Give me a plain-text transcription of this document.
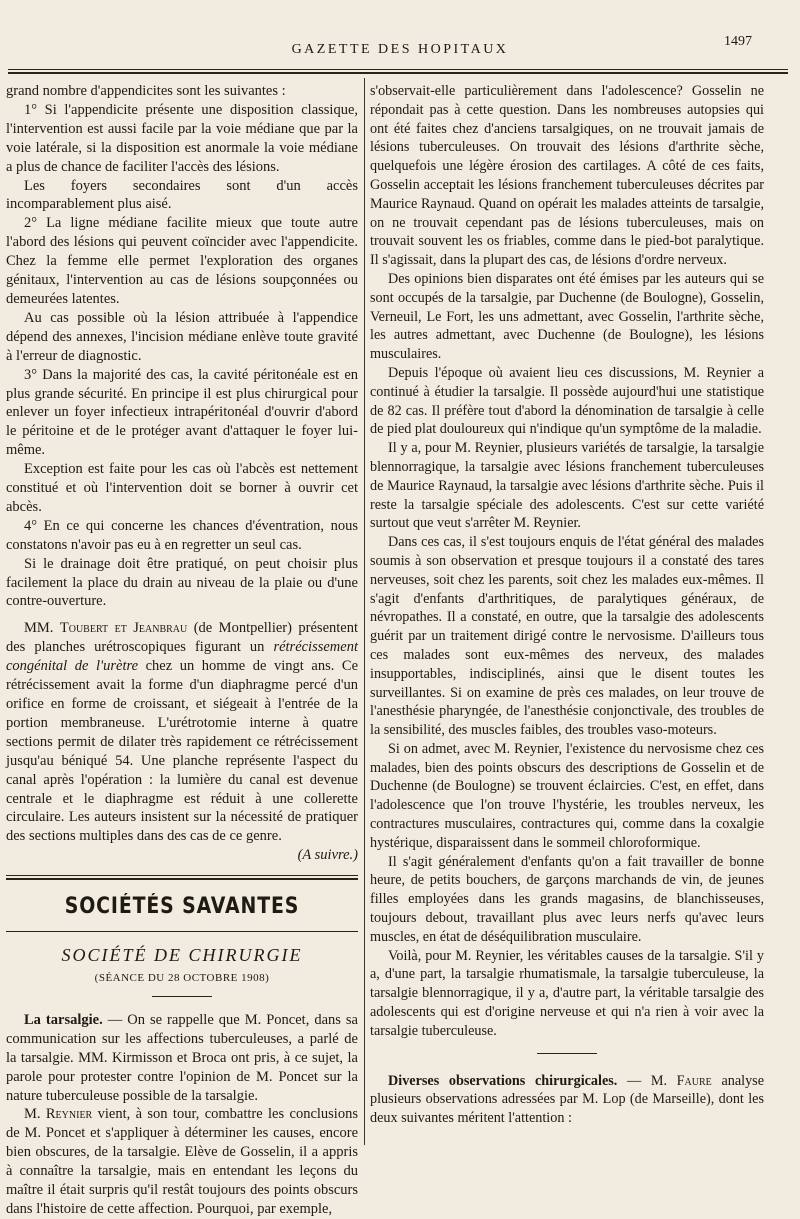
GAZETTE DES HOPITAUX
1497

grand nombre d'appendicites sont les suivantes :

1° Si l'appendicite présente une disposition classique, l'intervention est aussi facile par la voie médiane que par la voie latérale, si la disposition est anormale la voie médiane a plus de chance de faciliter l'accès des lésions.

Les foyers secondaires sont d'un accès incomparablement plus aisé.

2° La ligne médiane facilite mieux que toute autre l'abord des lésions qui peuvent coïncider avec l'appendicite. Chez la femme elle permet l'exploration des organes génitaux, l'intervention au cas de lésions soupçonnées ou demeurées latentes.

Au cas possible où la lésion attribuée à l'appendice dépend des annexes, l'incision médiane enlève toute gravité à l'erreur de diagnostic.

3° Dans la majorité des cas, la cavité péritonéale est en plus grande sécurité. En principe il est plus chirurgical pour enlever un foyer infectieux intrapéritonéal d'ouvrir d'abord le péritoine et de le protéger avant d'attaquer le foyer lui-même.

Exception est faite pour les cas où l'abcès est nettement constitué et où l'intervention doit se borner à ouvrir cet abcès.

4° En ce qui concerne les chances d'éventration, nous constatons n'avoir pas eu à en regretter un seul cas.

Si le drainage doit être pratiqué, on peut choisir plus facilement la place du drain au niveau de la plaie ou d'une contre-ouverture.

MM. Toubert et Jeanbrau (de Montpellier) présentent des planches urétroscopiques figurant un rétrécissement congénital de l'urètre chez un homme de vingt ans. Ce rétrécissement avait la forme d'un diaphragme percé d'un orifice en forme de croissant, et siégeait à l'entrée de la portion membraneuse. L'urétrotomie interne à quatre sections permit de dilater très rapidement ce rétrécissement jusqu'au béniqué 54. Une planche représente l'aspect du canal après l'opération : la lumière du canal est devenue centrale et le diaphragme est réduit à une collerette circulaire. Les auteurs insistent sur la nécessité de pratiquer des sections multiples dans des cas de ce genre.
(A suivre.)

SOCIÉTÉS SAVANTES
SOCIÉTÉ DE CHIRURGIE
(SÉANCE DU 28 OCTOBRE 1908)

La tarsalgie. — On se rappelle que M. Poncet, dans sa communication sur les affections tuberculeuses, a parlé de la tarsalgie. MM. Kirmisson et Broca ont pris, à ce sujet, la parole pour protester contre l'opinion de M. Poncet sur la nature tuberculeuse possible de la tarsalgie.

M. Reynier vient, à son tour, combattre les conclusions de M. Poncet et s'appliquer à déterminer les causes, encore bien obscures, de la tarsalgie. Elève de Gosselin, il a appris à connaître la tarsalgie, mais en entendant les leçons du maître il était surpris qu'il restât toujours des points obscurs dans l'histoire de cette affection. Pourquoi, par exemple,

s'observait-elle particulièrement dans l'adolescence? Gosselin ne répondait pas à cette question. Dans les nombreuses autopsies qui ont été faites chez d'anciens tarsalgiques, on ne trouvait jamais de lésions tuberculeuses. On trouvait des lésions d'arthrite sèche, quelquefois une légère érosion des cartilages. A côté de ces faits, Gosselin acceptait les lésions franchement tuberculeuses décrites par Maurice Raynaud. Quand on opérait les malades atteints de tarsalgie, on ne trouvait cependant pas de lésions tuberculeuses, mais on trouvait souvent les os friables, comme dans le pied-bot paralytique. Il s'agissait, dans la plupart des cas, de lésions d'ordre nerveux.

Des opinions bien disparates ont été émises par les auteurs qui se sont occupés de la tarsalgie, par Duchenne (de Boulogne), Gosselin, Verneuil, Le Fort, les uns admettant, avec Gosselin, l'arthrite sèche, les autres admettant, avec Duchenne (de Boulogne), les lésions musculaires.

Depuis l'époque où avaient lieu ces discussions, M. Reynier a continué à étudier la tarsalgie. Il possède aujourd'hui une statistique de 82 cas. Il préfère tout d'abord la dénomination de tarsalgie à celle de pied plat douloureux qui n'indique qu'un symptôme de la maladie.

Il y a, pour M. Reynier, plusieurs variétés de tarsalgie, la tarsalgie blennorragique, la tarsalgie avec lésions franchement tuberculeuses de Maurice Raynaud, la tarsalgie avec lésions d'arthrite sèche. Puis il reste la tarsalgie spéciale des adolescents. C'est sur cette variété surtout que veut s'arrêter M. Reynier.

Dans ces cas, il s'est toujours enquis de l'état général des malades soumis à son observation et presque toujours il a constaté des tares nerveuses, soit chez les parents, soit chez les malades eux-mêmes. Il s'agit d'enfants d'arthritiques, de paralytiques généraux, de névropathes. Il a constaté, en outre, que la tarsalgie des adolescents guérit par un traitement dirigé contre le nervosisme. D'ailleurs tous ces malades sont eux-mêmes des nerveux, des malades insupportables, indisciplinés, ainsi que le disent toutes les surveillantes. Si on examine de près ces malades, on leur trouve de l'anesthésie pharyngée, de l'anesthésie conjonctivale, des troubles de la sensibilité, des muscles faibles, des troubles vaso-moteurs.

Si on admet, avec M. Reynier, l'existence du nervosisme chez ces malades, bien des points obscurs des descriptions de Gosselin et de Duchenne (de Boulogne) se trouvent éclaircies. C'est, en effet, dans l'adolescence que l'on trouve l'hystérie, les troubles nerveux, les contractures musculaires, contractures qui, comme dans la coxalgie hystérique, disparaissent dans le sommeil chloroformique.

Il s'agit généralement d'enfants qu'on a fait travailler de bonne heure, de petits bouchers, de garçons marchands de vin, de jeunes filles employées dans les grands magasins, de blanchisseuses, toujours debout, travaillant plus avec leurs nerfs qu'avec leurs muscles, en état de déséquilibration musculaire.

Voilà, pour M. Reynier, les véritables causes de la tarsalgie. S'il y a, d'une part, la tarsalgie rhumatismale, la tarsalgie tuberculeuse, la tarsalgie blennorragique, il y a, d'autre part, la véritable tarsalgie des adolescents qui est d'origine nerveuse et qui n'a rien à voir avec la tarsalgie tuberculeuse.

Diverses observations chirurgicales. — M. Faure analyse plusieurs observations adressées par M. Lop (de Marseille), dont les deux suivantes méritent l'attention :
